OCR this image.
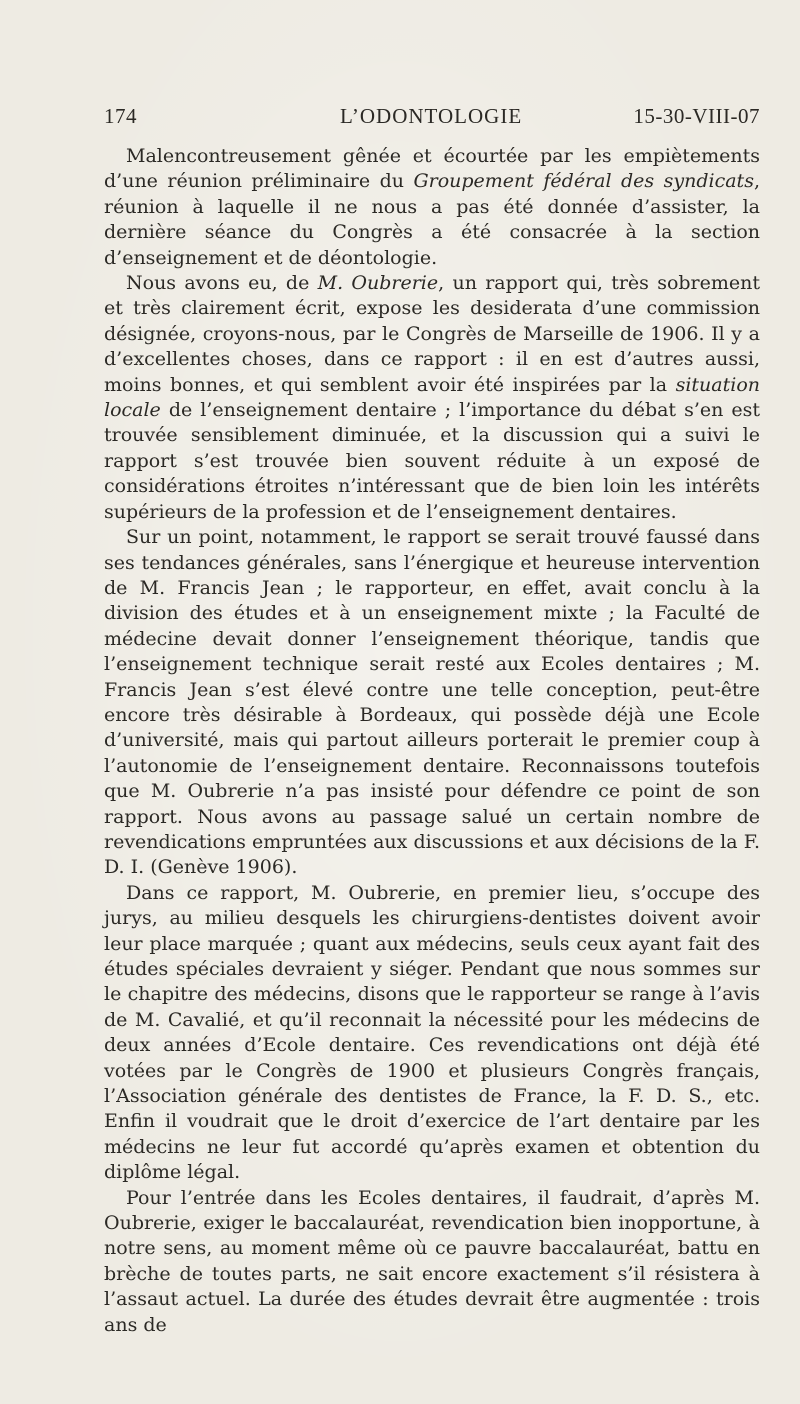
174	L’ODONTOLOGIE	15-30-VIII-07

Malencontreusement gênée et écourtée par les empiètements d’une réunion préliminaire du Groupement fédéral des syndicats, réunion à laquelle il ne nous a pas été donnée d’assister, la dernière séance du Congrès a été consacrée à la section d’enseignement et de déontologie.

Nous avons eu, de M. Oubrerie, un rapport qui, très sobrement et très clairement écrit, expose les desiderata d’une commission désignée, croyons-nous, par le Congrès de Marseille de 1906. Il y a d’excellentes choses, dans ce rapport : il en est d’autres aussi, moins bonnes, et qui semblent avoir été inspirées par la situation locale de l’enseignement dentaire ; l’importance du débat s’en est trouvée sensiblement diminuée, et la discussion qui a suivi le rapport s’est trouvée bien souvent réduite à un exposé de considérations étroites n’intéressant que de bien loin les intérêts supérieurs de la profession et de l’enseignement dentaires.

Sur un point, notamment, le rapport se serait trouvé faussé dans ses tendances générales, sans l’énergique et heureuse intervention de M. Francis Jean ; le rapporteur, en effet, avait conclu à la division des études et à un enseignement mixte ; la Faculté de médecine devait donner l’enseignement théorique, tandis que l’enseignement technique serait resté aux Ecoles dentaires ; M. Francis Jean s’est élevé contre une telle conception, peut-être encore très désirable à Bordeaux, qui possède déjà une Ecole d’université, mais qui partout ailleurs porterait le premier coup à l’autonomie de l’enseignement dentaire. Reconnaissons toutefois que M. Oubrerie n’a pas insisté pour défendre ce point de son rapport. Nous avons au passage salué un certain nombre de revendications empruntées aux discussions et aux décisions de la F. D. I. (Genève 1906).

Dans ce rapport, M. Oubrerie, en premier lieu, s’occupe des jurys, au milieu desquels les chirurgiens-dentistes doivent avoir leur place marquée ; quant aux médecins, seuls ceux ayant fait des études spéciales devraient y siéger. Pendant que nous sommes sur le chapitre des médecins, disons que le rapporteur se range à l’avis de M. Cavalié, et qu’il reconnait la nécessité pour les médecins de deux années d’Ecole dentaire. Ces revendications ont déjà été votées par le Congrès de 1900 et plusieurs Congrès français, l’Association générale des dentistes de France, la F. D. S., etc. Enfin il voudrait que le droit d’exercice de l’art dentaire par les médecins ne leur fut accordé qu’après examen et obtention du diplôme légal.

Pour l’entrée dans les Ecoles dentaires, il faudrait, d’après M. Oubrerie, exiger le baccalauréat, revendication bien inopportune, à notre sens, au moment même où ce pauvre baccalauréat, battu en brèche de toutes parts, ne sait encore exactement s’il résistera à l’assaut actuel. La durée des études devrait être augmentée : trois ans de
